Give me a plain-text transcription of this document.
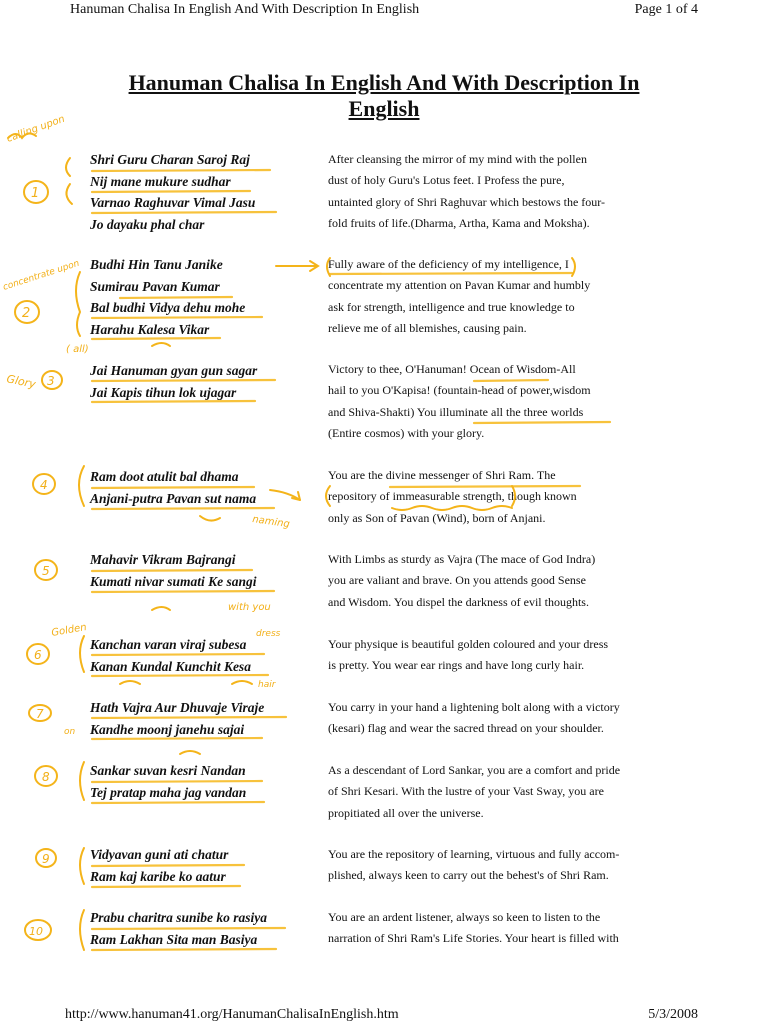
Hanuman Chalisa In English And With Description In English	Page 1 of 4
Hanuman Chalisa In English And With Description In
English
Shri Guru Charan Saroj Raj
Nij mane mukure sudhar
Varnao Raghuvar Vimal Jasu
Jo dayaku phal char
After cleansing the mirror of my mind with the pollen
dust of holy Guru's Lotus feet. I Profess the pure,
untainted glory of Shri Raghuvar which bestows the four-
fold fruits of life.(Dharma, Artha, Kama and Moksha).
Budhi Hin Tanu Janike
Sumirau Pavan Kumar
Bal budhi Vidya dehu mohe
Harahu Kalesa Vikar
Fully aware of the deficiency of my intelligence, I
concentrate my attention on Pavan Kumar and humbly
ask for strength, intelligence and true knowledge to
relieve me of all blemishes, causing pain.
Jai Hanuman gyan gun sagar
Jai Kapis tihun lok ujagar
Victory to thee, O'Hanuman! Ocean of Wisdom-All
hail to you O'Kapisa! (fountain-head of power,wisdom
and Shiva-Shakti) You illuminate all the three worlds
(Entire cosmos) with your glory.
Ram doot atulit bal dhama
Anjani-putra Pavan sut nama
You are the divine messenger of Shri Ram. The
repository of immeasurable strength, though known
only as Son of Pavan (Wind), born of Anjani.
Mahavir Vikram Bajrangi
Kumati nivar sumati Ke sangi
With Limbs as sturdy as Vajra (The mace of God Indra)
you are valiant and brave. On you attends good Sense
and Wisdom. You dispel the darkness of evil thoughts.
Kanchan varan viraj subesa
Kanan Kundal Kunchit Kesa
Your physique is beautiful golden coloured and your dress
is pretty. You wear ear rings and have long curly hair.
Hath Vajra Aur Dhuvaje Viraje
Kandhe moonj janehu sajai
You carry in your hand a lightening bolt along with a victory
(kesari) flag and wear the sacred thread on your shoulder.
Sankar suvan kesri Nandan
Tej pratap maha jag vandan
As a descendant of Lord Sankar, you are a comfort and pride
of Shri Kesari. With the lustre of your Vast Sway, you are
propitiated all over the universe.
Vidyavan guni ati chatur
Ram kaj karibe ko aatur
You are the repository of learning, virtuous and fully accom-
plished, always keen to carry out the behest's of Shri Ram.
Prabu charitra sunibe ko rasiya
Ram Lakhan Sita man Basiya
You are an ardent listener, always so keen to listen to the
narration of Shri Ram's Life Stories. Your heart is filled with
http://www.hanuman41.org/HanumanChalisaInEnglish.htm	5/3/2008
calling upon
concentrate upon
( all)
Glory
naming
with you
Golden	dress
hair
on
1
2
3
4
5
6
7
8
9
10
